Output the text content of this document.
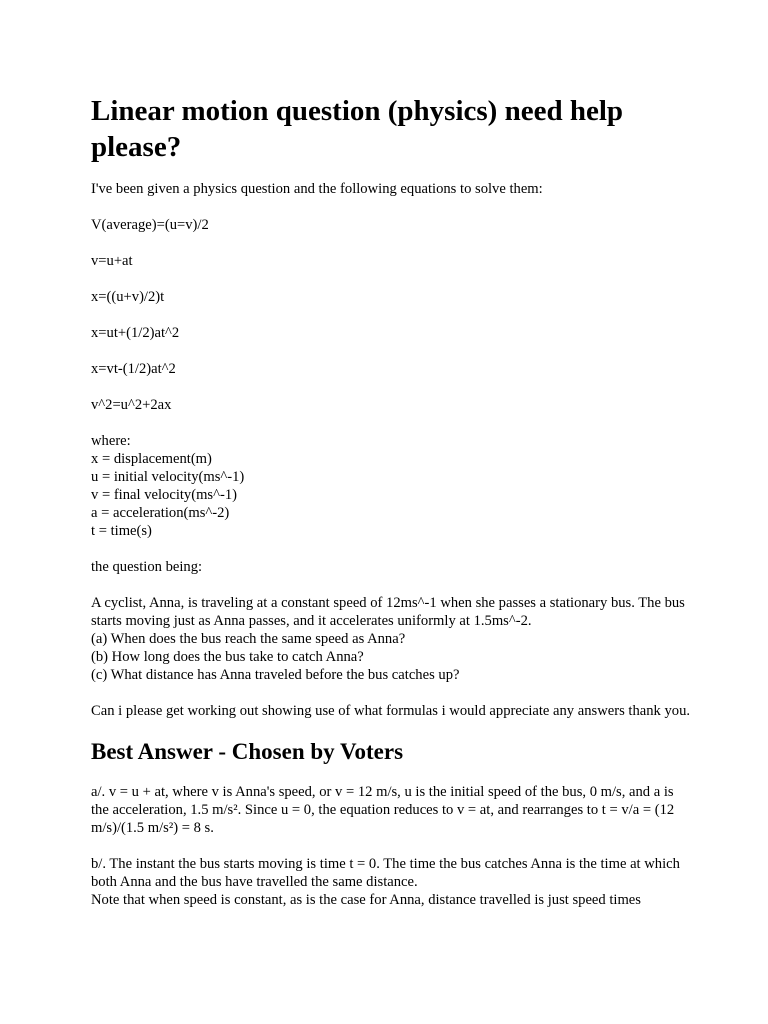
Linear motion question (physics) need help please?

I've been given a physics question and the following equations to solve them:

V(average)=(u=v)/2

v=u+at

x=((u+v)/2)t

x=ut+(1/2)at^2

x=vt-(1/2)at^2

v^2=u^2+2ax

where:
x = displacement(m)
u = initial velocity(ms^-1)
v = final velocity(ms^-1)
a = acceleration(ms^-2)
t = time(s)

the question being:

A cyclist, Anna, is traveling at a constant speed of 12ms^-1 when she passes a stationary bus. The bus starts moving just as Anna passes, and it accelerates uniformly at 1.5ms^-2.
(a) When does the bus reach the same speed as Anna?
(b) How long does the bus take to catch Anna?
(c) What distance has Anna traveled before the bus catches up?

Can i please get working out showing use of what formulas i would appreciate any answers thank you.

Best Answer - Chosen by Voters

a/. v = u + at, where v is Anna's speed, or v = 12 m/s, u is the initial speed of the bus, 0 m/s, and a is the acceleration, 1.5 m/s². Since u = 0, the equation reduces to v = at, and rearranges to t = v/a = (12 m/s)/(1.5 m/s²) = 8 s.

b/. The instant the bus starts moving is time t = 0. The time the bus catches Anna is the time at which both Anna and the bus have travelled the same distance.
Note that when speed is constant, as is the case for Anna, distance travelled is just speed times
